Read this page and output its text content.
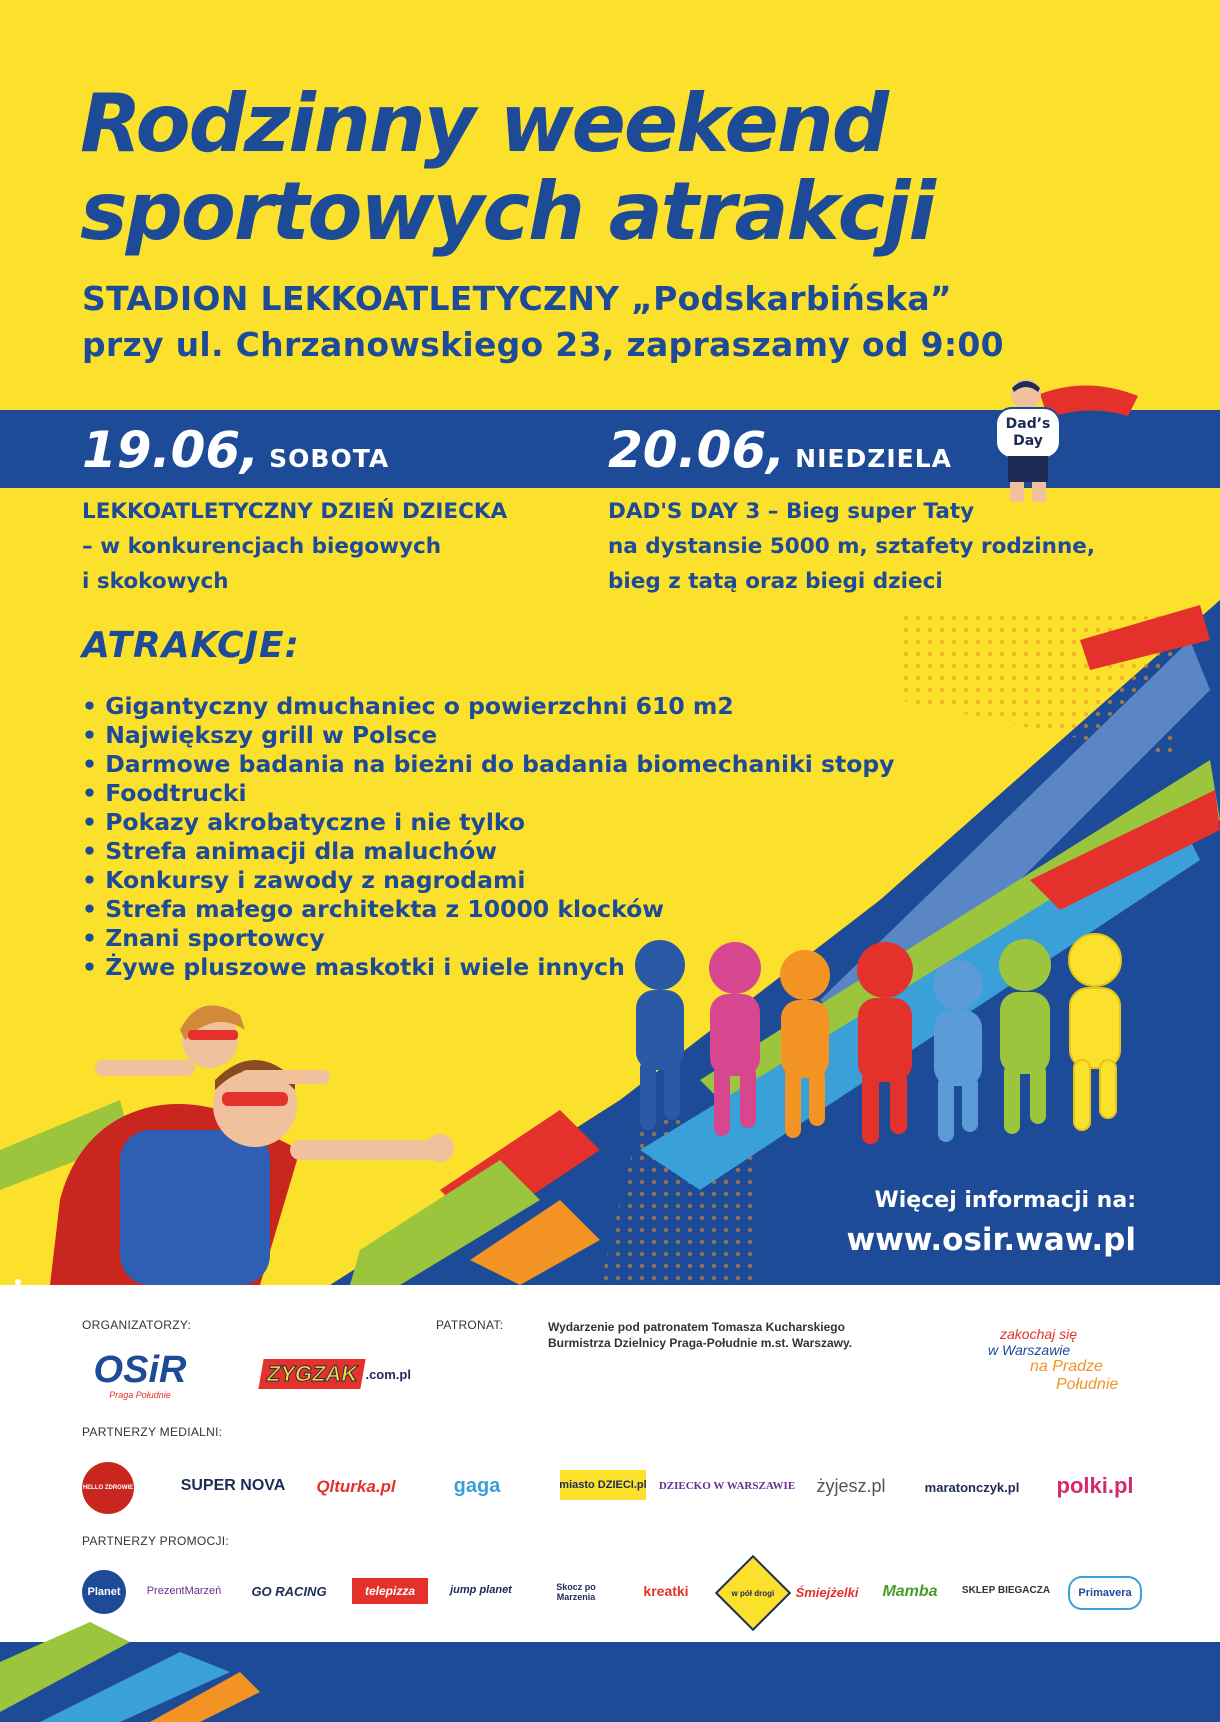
Rodzinny weekend
sportowych atrakcji
STADION LEKKOATLETYCZNY „Podskarbińska”
przy ul. Chrzanowskiego 23, zapraszamy od 9:00
19.06, SOBOTA	20.06, NIEDZIELA
Dad’s
Day
LEKKOATLETYCZNY DZIEŃ DZIECKA
– w konkurencjach biegowych
i skokowych
DAD'S DAY 3 – Bieg super Taty
na dystansie 5000 m, sztafety rodzinne,
bieg z tatą oraz biegi dzieci
ATRAKCJE:
• Gigantyczny dmuchaniec o powierzchni 610 m2
• Największy grill w Polsce
• Darmowe badania na bieżni do badania biomechaniki stopy
• Foodtrucki
• Pokazy akrobatyczne i nie tylko
• Strefa animacji dla maluchów
• Konkursy i zawody z nagrodami
• Strefa małego architekta z 10000 klocków
• Znani sportowcy
• Żywe pluszowe maskotki i wiele innych
Więcej informacji na:
www.osir.waw.pl
ORGANIZATORZY:	PATRONAT:	Wydarzenie pod patronatem Tomasza Kucharskiego
Burmistrza Dzielnicy Praga-Południe m.st. Warszawy.
OSiR
Praga Południe
ZYGZAK .com.pl
zakochaj się
w Warszawie
na Pradze
Południe
PARTNERZY MEDIALNI:
HELLO ZDROWIE	SUPER NOVA	Qlturka.pl	gaga	miasto DZIECI.pl DZIECKO W WARSZAWIE	żyjesz.pl	maratonczyk.pl polki.pl
PARTNERZY PROMOCJI:
Planet	PrezentMarzeń	GO RACING	telepizza	jump planet	Skocz po Marzenia	kreatki	w pół drogi Śmiejżelki Mamba	SKLEP BIEGACZA	Primavera
